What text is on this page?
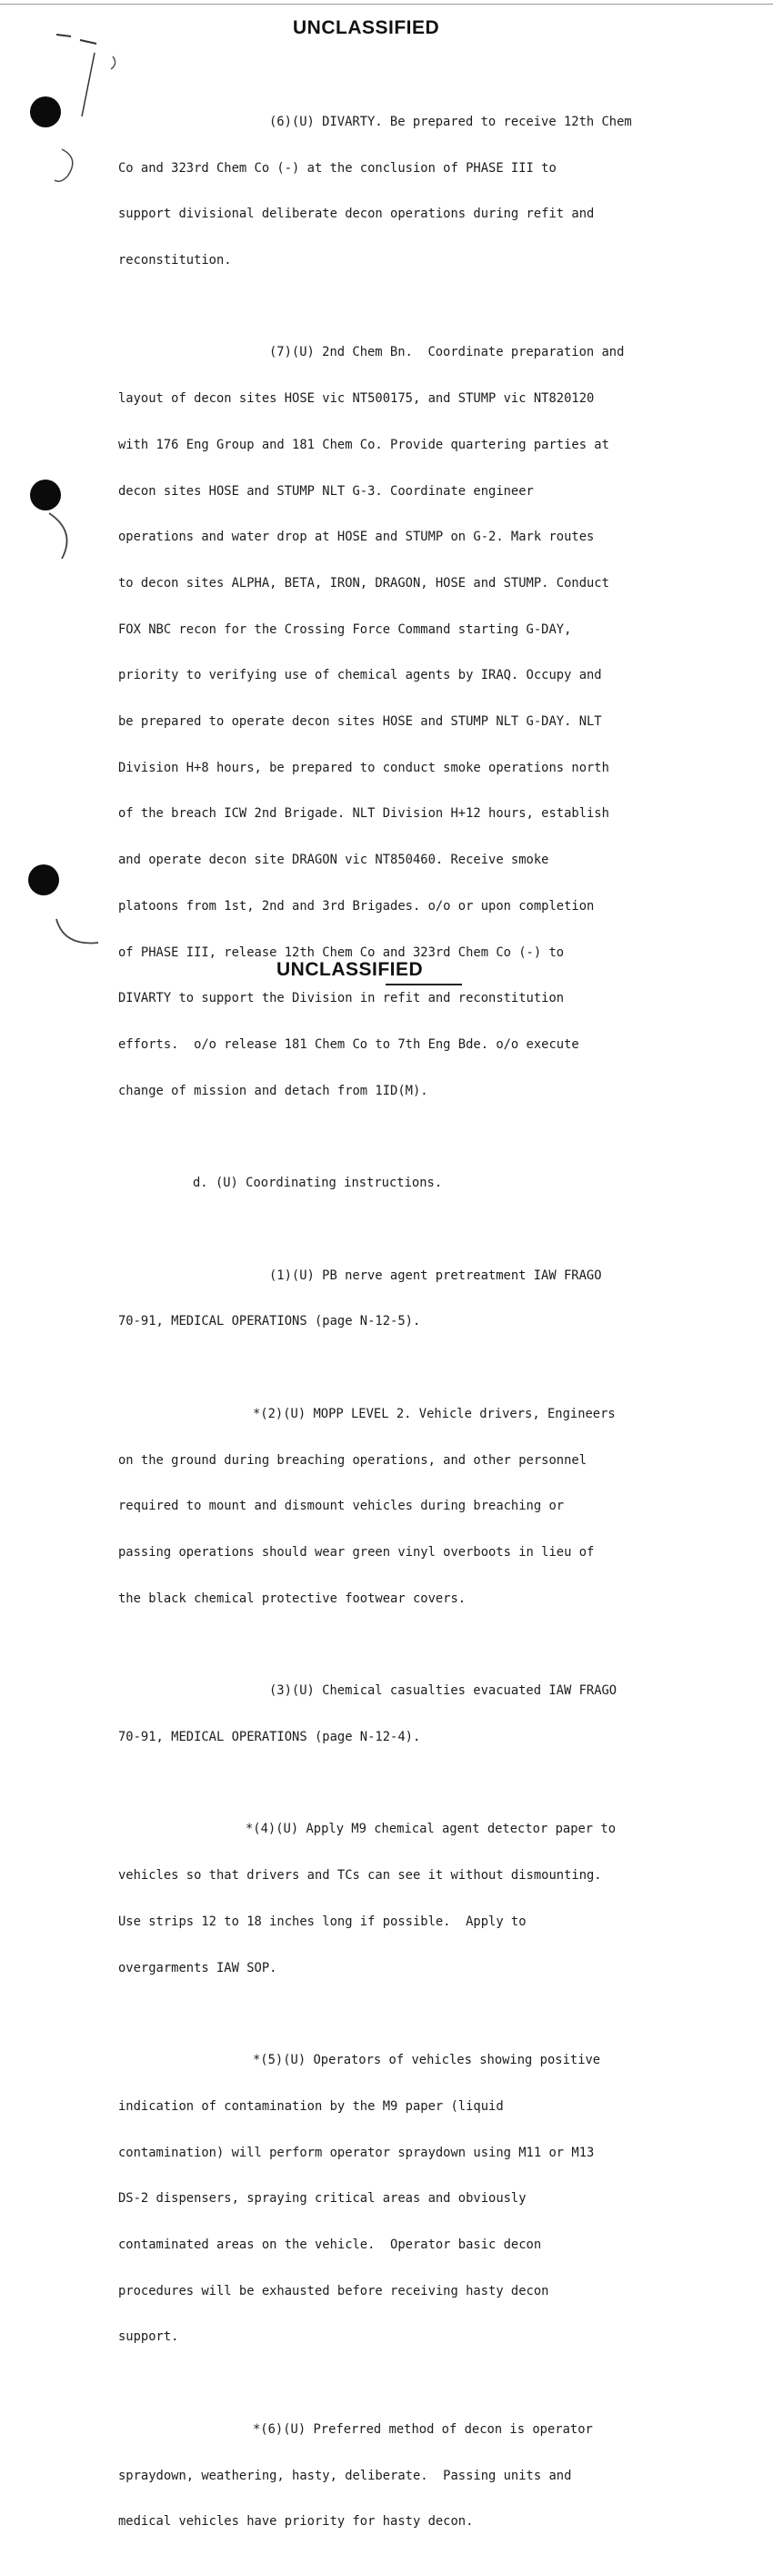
UNCLASSIFIED

(6)(U) DIVARTY. Be prepared to receive 12th Chem

Co and 323rd Chem Co (-) at the conclusion of PHASE III to

support divisional deliberate decon operations during refit and

reconstitution.

(7)(U) 2nd Chem Bn.  Coordinate preparation and

layout of decon sites HOSE vic NT500175, and STUMP vic NT820120

with 176 Eng Group and 181 Chem Co. Provide quartering parties at

decon sites HOSE and STUMP NLT G-3. Coordinate engineer

operations and water drop at HOSE and STUMP on G-2. Mark routes

to decon sites ALPHA, BETA, IRON, DRAGON, HOSE and STUMP. Conduct

FOX NBC recon for the Crossing Force Command starting G-DAY,

priority to verifying use of chemical agents by IRAQ. Occupy and

be prepared to operate decon sites HOSE and STUMP NLT G-DAY. NLT

Division H+8 hours, be prepared to conduct smoke operations north

of the breach ICW 2nd Brigade. NLT Division H+12 hours, establish

and operate decon site DRAGON vic NT850460. Receive smoke

platoons from 1st, 2nd and 3rd Brigades. o/o or upon completion

of PHASE III, release 12th Chem Co and 323rd Chem Co (-) to

DIVARTY to support the Division in refit and reconstitution

efforts.  o/o release 181 Chem Co to 7th Eng Bde. o/o execute

change of mission and detach from 1ID(M).

d. (U) Coordinating instructions.

(1)(U) PB nerve agent pretreatment IAW FRAGO

70-91, MEDICAL OPERATIONS (page N-12-5).

*(2)(U) MOPP LEVEL 2. Vehicle drivers, Engineers

on the ground during breaching operations, and other personnel

required to mount and dismount vehicles during breaching or

passing operations should wear green vinyl overboots in lieu of

the black chemical protective footwear covers.

(3)(U) Chemical casualties evacuated IAW FRAGO

70-91, MEDICAL OPERATIONS (page N-12-4).

*(4)(U) Apply M9 chemical agent detector paper to

vehicles so that drivers and TCs can see it without dismounting.

Use strips 12 to 18 inches long if possible.  Apply to

overgarments IAW SOP.

*(5)(U) Operators of vehicles showing positive

indication of contamination by the M9 paper (liquid

contamination) will perform operator spraydown using M11 or M13

DS-2 dispensers, spraying critical areas and obviously

contaminated areas on the vehicle.  Operator basic decon

procedures will be exhausted before receiving hasty decon

support.

*(6)(U) Preferred method of decon is operator

spraydown, weathering, hasty, deliberate.  Passing units and

medical vehicles have priority for hasty decon.

UNCLASSIFIED
